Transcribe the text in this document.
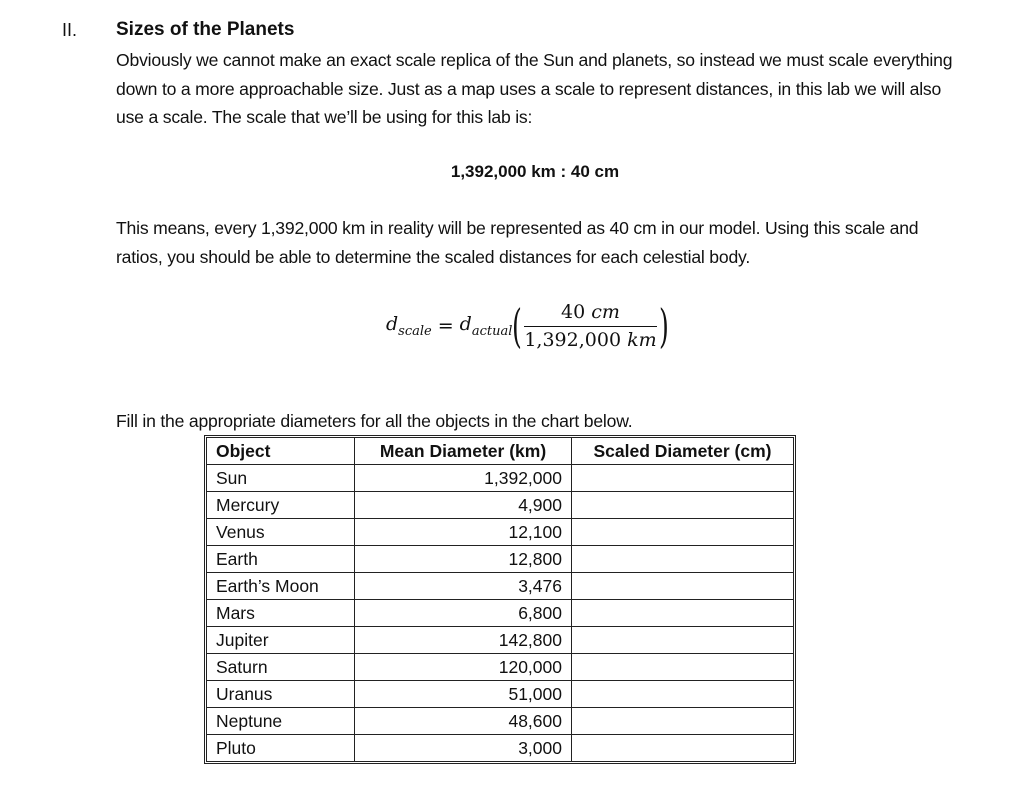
II. Sizes of the Planets
Obviously we cannot make an exact scale replica of the Sun and planets, so instead we must scale everything down to a more approachable size. Just as a map uses a scale to represent distances, in this lab we will also use a scale. The scale that we’ll be using for this lab is:
1,392,000 km : 40 cm
This means, every 1,392,000 km in reality will be represented as 40 cm in our model. Using this scale and ratios, you should be able to determine the scaled distances for each celestial body.
$d_{scale} = d_{actual}$ ( $\frac{40 cm}{1,392,000 km}$ )
Fill in the appropriate diameters for all the objects in the chart below.
Object	Mean Diameter (km)	Scaled Diameter (cm)
Sun	1,392,000	
Mercury	4,900	
Venus	12,100	
Earth	12,800	
Earth’s Moon	3,476	
Mars	6,800	
Jupiter	142,800	
Saturn	120,000	
Uranus	51,000	
Neptune	48,600	
Pluto	3,000	
